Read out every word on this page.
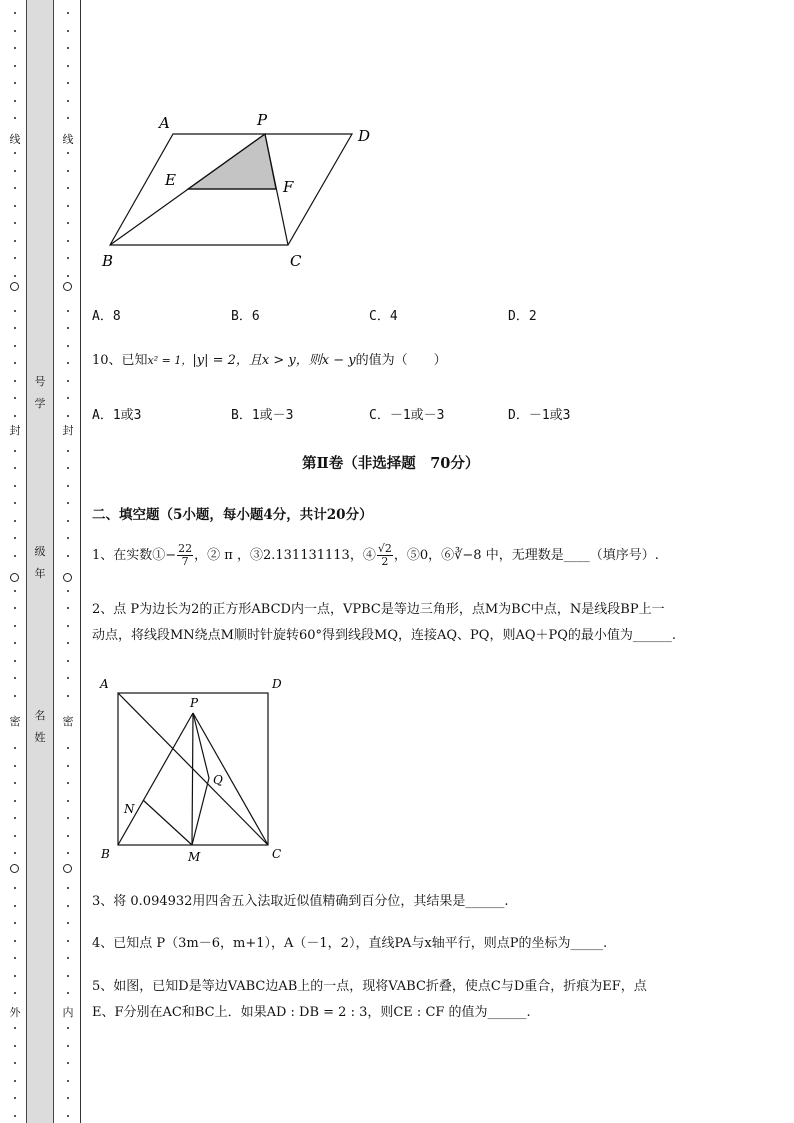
线
封
密
外
号
学
级
年
名
姓
线
封
密
内
A	P
D
E	F
B	C
A．8	B．6	C．4	D．2
10、已知x² = 1，|y| = 2，且x > y，则x − y的值为（　　）
A．1或3	B．1或－3	C．－1或－3	D．－1或3
第Ⅱ卷（非选择题　70分）
二、填空题（5小题，每小题4分，共计20分）
1、在实数①− $\frac{22}{7}$ ，② π ，③2.131131113，④ $\frac{√2}{2}$ ，⑤0，⑥∛−8 中，无理数是____（填序号）.
2、点 P为边长为2的正方形ABCD内一点，VPBC是等边三角形，点M为BC中点，N是线段BP上一
动点，将线段MN绕点M顺时针旋转60°得到线段MQ，连接AQ、PQ，则AQ＋PQ的最小值为______.
A	D
P
Q
N
B	M	C
3、将 0.094932用四舍五入法取近似值精确到百分位，其结果是______.
4、已知点 P（3m－6，m+1），A（－1，2），直线PA与x轴平行，则点P的坐标为_____.
5、如图，已知D是等边VABC边AB上的一点，现将VABC折叠，使点C与D重合，折痕为EF，点
E、F分别在AC和BC上．如果AD : DB = 2 : 3，则CE : CF 的值为______.
